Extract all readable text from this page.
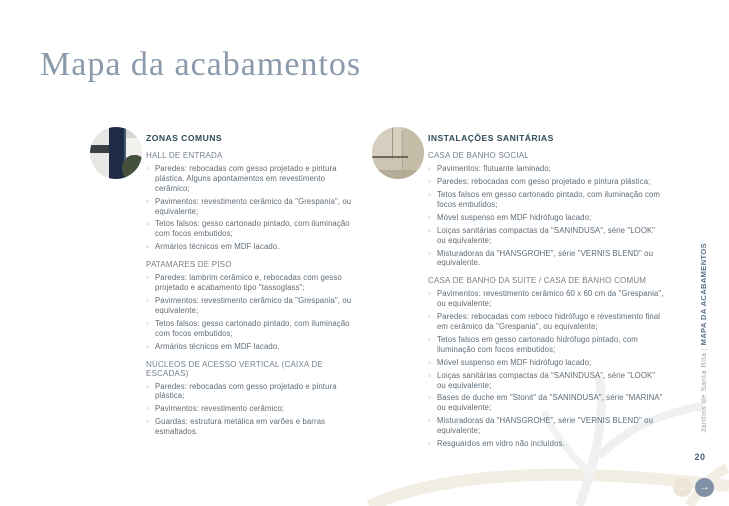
Mapa da acabamentos
ZONAS COMUNS
HALL DE ENTRADA
◦ Paredes: rebocadas com gesso projetado e pintura plástica. Alguns apontamentos em revestimento cerâmico;
◦ Pavimentos: revestimento cerâmico da "Grespania", ou equivalente;
◦ Tetos falsos: gesso cartonado pintado, com iluminação com focos embutidos;
◦ Armários técnicos em MDF lacado.
PATAMARES DE PISO
◦ Paredes: lambrim cerâmico e, rebocadas com gesso projetado e acabamento tipo "tassoglass";
◦ Pavimentos: revestimento cerâmico da "Grespania", ou equivalente;
◦ Tetos falsos: gesso cartonado pintado, com iluminação com focos embutidos;
◦ Armários técnicos em MDF lacado.
NÚCLEOS DE ACESSO VERTICAL (CAIXA DE ESCADAS)
◦ Paredes: rebocadas com gesso projetado e pintura plástica;
◦ Pavimentos: revestimento cerâmico;
◦ Guardas: estrutura metálica em varões e barras esmaltados.
INSTALAÇÕES SANITÁRIAS
CASA DE BANHO SOCIAL
◦ Pavimentos: flutuante laminado;
◦ Paredes: rebocadas com gesso projetado e pintura plástica;
◦ Tetos falsos em gesso cartonado pintado, com iluminação com focos embutidos;
◦ Móvel suspenso em MDF hidrófugo lacado;
◦ Loiças sanitárias compactas da "SANINDUSA", série "LOOK" ou equivalente;
◦ Misturadoras da "HANSGROHE", série "VERNIS BLEND" ou equivalente.
CASA DE BANHO DA SUITE / CASA DE BANHO COMUM
◦ Pavimentos: revestimento cerâmico 60 x 60 cm da "Grespania", ou equivalente;
◦ Paredes: rebocadas com reboco hidrófugo e revestimento final em cerâmico da "Grespania", ou equivalente;
◦ Tetos falsos em gesso cartonado hidrófugo pintado, com iluminação com focos embutidos;
◦ Móvel suspenso em MDF hidrófugo lacado;
◦ Loiças sanitárias compactas da "SANINDUSA", série "LOOK" ou equivalente;
◦ Bases de duche em "Stonit" da "SANINDUSA", série "MARINA" ou equivalente;
◦ Misturadoras da "HANSGROHE", série "VERNIS BLEND" ou equivalente;
◦ Resguardos em vidro não incluídos.
Jardins de Santa Rita | MAPA DA ACABAMENTOS
20
← →
